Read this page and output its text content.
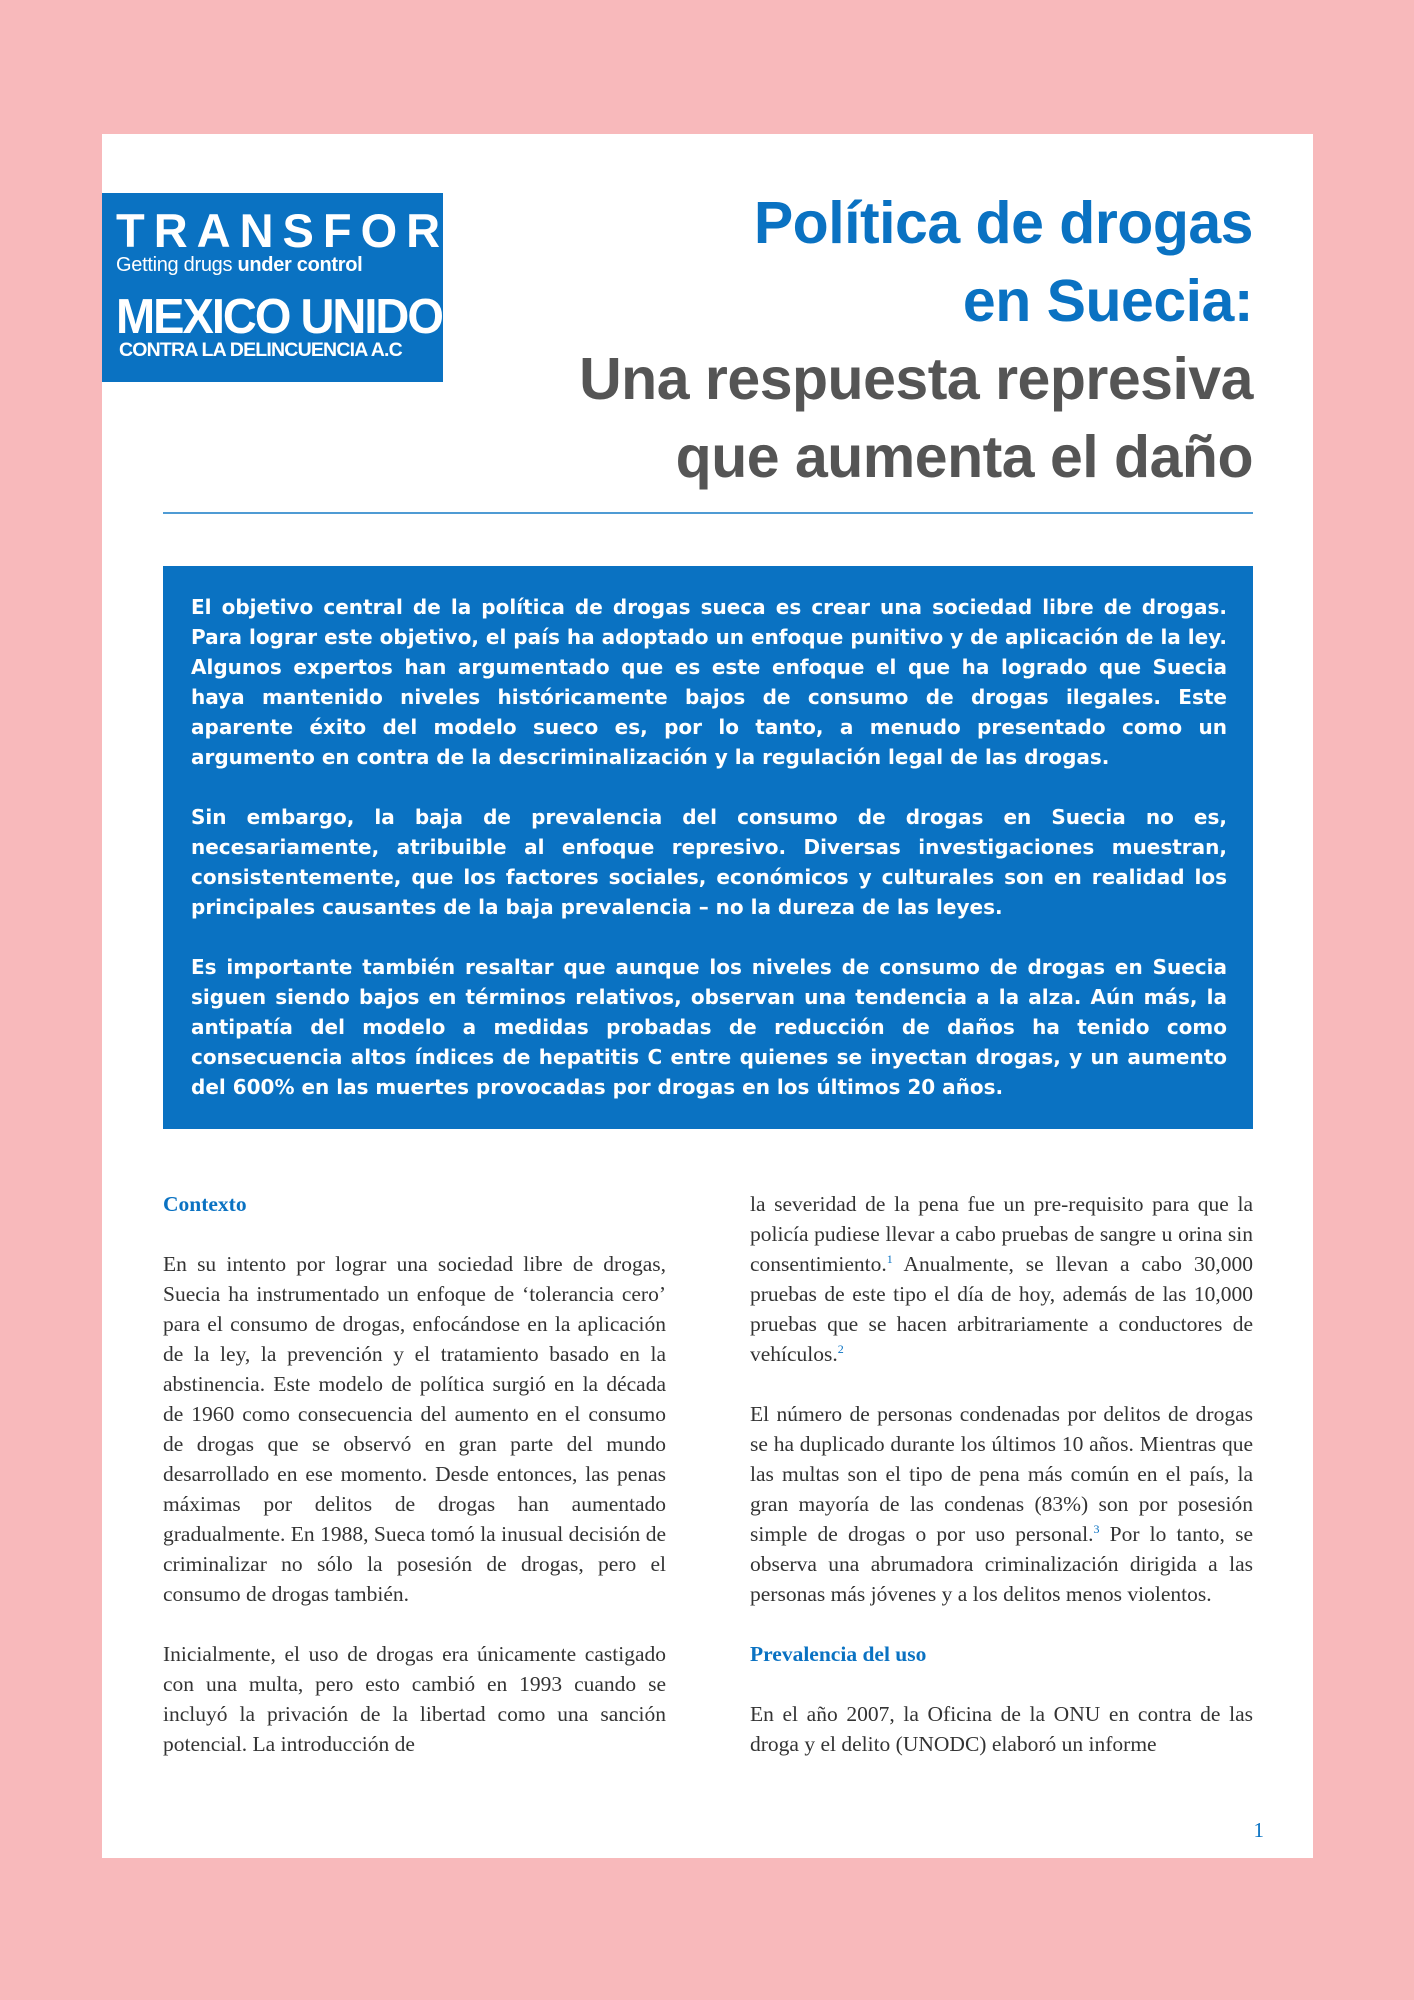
TRANSFORM
Getting drugs under control
MEXICO UNIDO
CONTRA LA DELINCUENCIA A.C
Política de drogas
en Suecia:
Una respuesta represiva
que aumenta el daño

El objetivo central de la política de drogas sueca es crear una sociedad libre de drogas. Para lograr este objetivo, el país ha adoptado un enfoque punitivo y de aplicación de la ley. Algunos expertos han argumentado que es este enfoque el que ha logrado que Suecia haya mantenido niveles históricamente bajos de consumo de drogas ilegales. Este aparente éxito del modelo sueco es, por lo tanto, a menudo presentado como un argumento en contra de la descriminalización y la regulación legal de las drogas.

Sin embargo, la baja de prevalencia del consumo de drogas en Suecia no es, necesariamente, atribuible al enfoque represivo. Diversas investigaciones muestran, consistentemente, que los factores sociales, económicos y culturales son en realidad los principales causantes de la baja prevalencia – no la dureza de las leyes.

Es importante también resaltar que aunque los niveles de consumo de drogas en Suecia siguen siendo bajos en términos relativos, observan una tendencia a la alza. Aún más, la antipatía del modelo a medidas probadas de reducción de daños ha tenido como consecuencia altos índices de hepatitis C entre quienes se inyectan drogas, y un aumento del 600% en las muertes provocadas por drogas en los últimos 20 años.

Contexto

En su intento por lograr una sociedad libre de drogas, Suecia ha instrumentado un enfoque de ‘tolerancia cero’ para el consumo de drogas, enfocándose en la aplicación de la ley, la prevención y el tratamiento basado en la abstinencia. Este modelo de política surgió en la década de 1960 como consecuencia del aumento en el consumo de drogas que se observó en gran parte del mundo desarrollado en ese momento. Desde entonces, las penas máximas por delitos de drogas han aumentado gradualmente. En 1988, Sueca tomó la inusual decisión de criminalizar no sólo la posesión de drogas, pero el consumo de drogas también.

Inicialmente, el uso de drogas era únicamente castigado con una multa, pero esto cambió en 1993 cuando se incluyó la privación de la libertad como una sanción potencial. La introducción de

la severidad de la pena fue un pre-requisito para que la policía pudiese llevar a cabo pruebas de sangre u orina sin consentimiento.$^1$ Anualmente, se llevan a cabo 30,000 pruebas de este tipo el día de hoy, además de las 10,000 pruebas que se hacen arbitrariamente a conductores de vehículos.$^2$

El número de personas condenadas por delitos de drogas se ha duplicado durante los últimos 10 años. Mientras que las multas son el tipo de pena más común en el país, la gran mayoría de las condenas (83%) son por posesión simple de drogas o por uso personal.$^3$ Por lo tanto, se observa una abrumadora criminalización dirigida a las personas más jóvenes y a los delitos menos violentos.

Prevalencia del uso

En el año 2007, la Oficina de la ONU en contra de las droga y el delito (UNODC) elaboró un informe

1
